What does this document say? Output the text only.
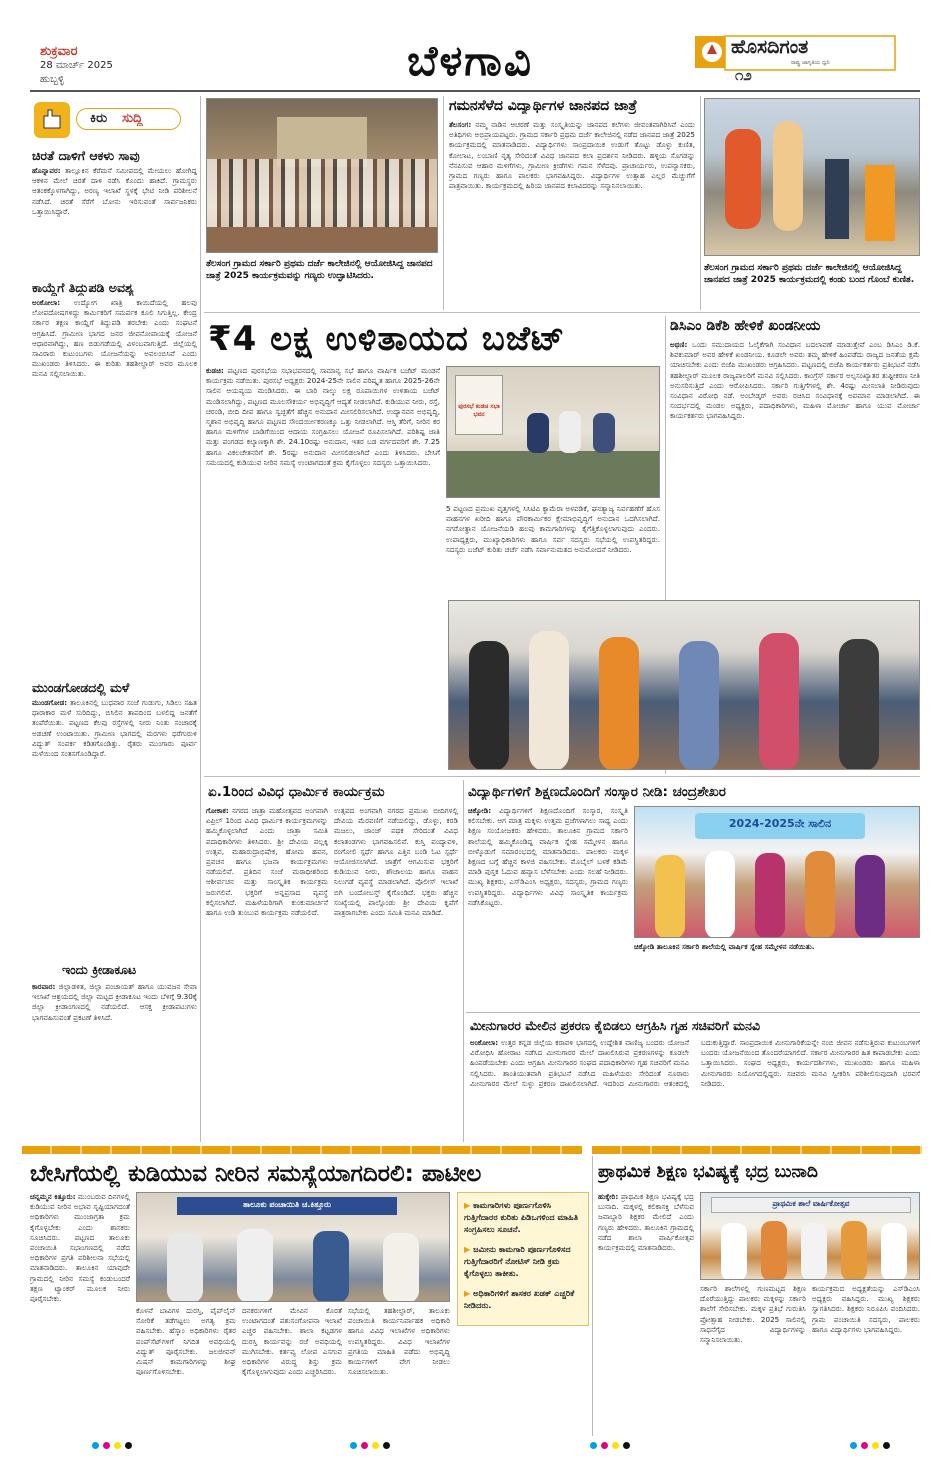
ಶುಕ್ರವಾರ
28 ಮಾರ್ಚ್ 2025
ಹುಬ್ಬಳ್ಳಿ	ಬೆಳಗಾವಿ	ಹೊಸದಿಗಂತ
ರಾಷ್ಟ್ರ ಜಾಗೃತಿಯ ಧ್ವನಿ
೧೨
ಕಿರು ಸುದ್ದಿ
ಚಿರತೆ ದಾಳಿಗೆ ಆಕಳು ಸಾವು
ಹೊನ್ನಾವರ: ತಾಲ್ಲೂಕಿನ ಕೆರೆಮನೆ ಸಮೀಪದಲ್ಲಿ ಮೇಯಲು ಹೋಗಿದ್ದ ಆಕಳಿನ ಮೇಲೆ ಚಿರತೆ ದಾಳಿ ನಡೆಸಿ ಕೊಂದು ಹಾಕಿದೆ. ಗ್ರಾಮಸ್ಥರು ಆತಂಕಕ್ಕೊಳಗಾಗಿದ್ದು, ಅರಣ್ಯ ಇಲಾಖೆ ಸ್ಥಳಕ್ಕೆ ಭೇಟಿ ನೀಡಿ ಪರಿಶೀಲನೆ ನಡೆಸಿದೆ. ಚಿರತೆ ಸೆರೆಗೆ ಬೋನು ಇರಿಸುವಂತೆ ಸಾರ್ವಜನಿಕರು ಒತ್ತಾಯಿಸಿದ್ದಾರೆ.
ಕಾಯ್ದೆಗೆ ತಿದ್ದುಪಡಿ ಅವಶ್ಯ
ಅಂಕೋಲಾ: ಉದ್ಯೋಗ ಖಾತ್ರಿ ಕಾಯಿದೆಯಲ್ಲಿ ಹಲವು ಲೋಪದೋಷಗಳಿದ್ದು ಕಾರ್ಮಿಕರಿಗೆ ಸಮರ್ಪಕ ಕೂಲಿ ಸಿಗುತ್ತಿಲ್ಲ. ಕೇಂದ್ರ ಸರ್ಕಾರ ತಕ್ಷಣ ಕಾಯ್ದೆಗೆ ತಿದ್ದುಪಡಿ ತರಬೇಕು ಎಂದು ಸಂಘಟನೆ ಆಗ್ರಹಿಸಿದೆ. ಗ್ರಾಮೀಣ ಭಾಗದ ಜನರ ಜೀವನೋಪಾಯಕ್ಕೆ ಯೋಜನೆ ಆಧಾರವಾಗಿದ್ದು, ಹಣ ಬಿಡುಗಡೆಯಲ್ಲಿ ವಿಳಂಬವಾಗುತ್ತಿದೆ. ಜಿಲ್ಲೆಯಲ್ಲಿ ಸಾವಿರಾರು ಕುಟುಂಬಗಳು ಯೋಜನೆಯನ್ನು ಅವಲಂಬಿಸಿವೆ ಎಂದು ಮುಖಂಡರು ತಿಳಿಸಿದರು. ಈ ಕುರಿತು ತಹಶೀಲ್ದಾರ್ ಅವರ ಮೂಲಕ ಮನವಿ ಸಲ್ಲಿಸಲಾಯಿತು.
ಮುಂಡಗೋಡದಲ್ಲಿ ಮಳೆ
ಮುಂಡಗೋಡ: ತಾಲೂಕಿನಲ್ಲಿ ಬುಧವಾರ ಸಂಜೆ ಗುಡುಗು, ಸಿಡಿಲು ಸಹಿತ ಧಾರಾಕಾರ ಮಳೆ ಸುರಿದಿದ್ದು, ಬಿಸಿಲಿನ ತಾಪದಿಂದ ಬಳಲಿದ್ದ ಜನತೆಗೆ ತಂಪೆರೆಯಿತು. ಪಟ್ಟಣದ ಕೆಲವು ರಸ್ತೆಗಳಲ್ಲಿ ನೀರು ನಿಂತು ಸಂಚಾರಕ್ಕೆ ಅಡಚಣೆ ಉಂಟಾಯಿತು. ಗ್ರಾಮೀಣ ಭಾಗದಲ್ಲಿ ಮರಗಳು ಧರೆಗುರುಳಿ ವಿದ್ಯುತ್ ಸಂಪರ್ಕ ಕಡಿತಗೊಂಡಿತ್ತು. ರೈತರು ಮುಂಗಾರು ಪೂರ್ವ ಮಳೆಯಿಂದ ಸಂತಸಗೊಂಡಿದ್ದಾರೆ.
ಇಂದು ಕ್ರೀಡಾಕೂಟ
ಕಾರವಾರ: ಜಿಲ್ಲಾಡಳಿತ, ಜಿಲ್ಲಾ ಪಂಚಾಯತ್ ಹಾಗೂ ಯುವಜನ ಸೇವಾ ಇಲಾಖೆ ಆಶ್ರಯದಲ್ಲಿ ಜಿಲ್ಲಾ ಮಟ್ಟದ ಕ್ರೀಡಾಕೂಟ ಇಂದು ಬೆಳಿಗ್ಗೆ 9.30ಕ್ಕೆ ಜಿಲ್ಲಾ ಕ್ರೀಡಾಂಗಣದಲ್ಲಿ ನಡೆಯಲಿದೆ. ಆಸಕ್ತ ಕ್ರೀಡಾಪಟುಗಳು ಭಾಗವಹಿಸುವಂತೆ ಪ್ರಕಟಣೆ ತಿಳಿಸಿದೆ.
ತೆಲಸಂಗ ಗ್ರಾಮದ ಸರ್ಕಾರಿ ಪ್ರಥಮ ದರ್ಜೆ ಕಾಲೇಜಿನಲ್ಲಿ ಆಯೋಜಿಸಿದ್ದ ಜಾನಪದ ಜಾತ್ರೆ 2025 ಕಾರ್ಯಕ್ರಮವನ್ನು ಗಣ್ಯರು ಉದ್ಘಾಟಿಸಿದರು.
ಗಮನಸೆಳೆದ ವಿದ್ಯಾರ್ಥಿಗಳ ಜಾನಪದ ಜಾತ್ರೆ
ತೆಲಸಂಗ: ನಮ್ಮ ನಾಡಿನ ಆಚರಣೆ ಮತ್ತು ಸಂಸ್ಕೃತಿಯನ್ನು ಜಾನಪದ ಕಲೆಗಳು ಜೀವಂತವಾಗಿರಿಸಿವೆ ಎಂದು ಅತಿಥಿಗಳು ಅಭಿಪ್ರಾಯಪಟ್ಟರು. ಗ್ರಾಮದ ಸರ್ಕಾರಿ ಪ್ರಥಮ ದರ್ಜೆ ಕಾಲೇಜಿನಲ್ಲಿ ನಡೆದ ಜಾನಪದ ಜಾತ್ರೆ 2025 ಕಾರ್ಯಕ್ರಮದಲ್ಲಿ ಮಾತನಾಡಿದರು. ವಿದ್ಯಾರ್ಥಿಗಳು ಸಾಂಪ್ರದಾಯಿಕ ಉಡುಗೆ ತೊಟ್ಟು ಡೊಳ್ಳು ಕುಣಿತ, ಕೋಲಾಟ, ಲಂಬಾಣಿ ನೃತ್ಯ ಸೇರಿದಂತೆ ವಿವಿಧ ಜಾನಪದ ಕಲಾ ಪ್ರದರ್ಶನ ನೀಡಿದರು. ಹಳ್ಳಿಯ ಸೊಗಡನ್ನು ನೆನಪಿಸುವ ಆಹಾರ ಮಳಿಗೆಗಳು, ಗ್ರಾಮೀಣ ಕ್ರೀಡೆಗಳು ಗಮನ ಸೆಳೆದವು. ಪ್ರಾಚಾರ್ಯರು, ಉಪನ್ಯಾಸಕರು, ಗ್ರಾಮದ ಗಣ್ಯರು ಹಾಗೂ ಪಾಲಕರು ಭಾಗವಹಿಸಿದ್ದರು. ವಿದ್ಯಾರ್ಥಿಗಳ ಉತ್ಸಾಹ ಎಲ್ಲರ ಮೆಚ್ಚುಗೆಗೆ ಪಾತ್ರವಾಯಿತು. ಕಾರ್ಯಕ್ರಮದಲ್ಲಿ ಹಿರಿಯ ಜಾನಪದ ಕಲಾವಿದರನ್ನು ಸನ್ಮಾನಿಸಲಾಯಿತು.
ತೆಲಸಂಗ ಗ್ರಾಮದ ಸರ್ಕಾರಿ ಪ್ರಥಮ ದರ್ಜೆ ಕಾಲೇಜಿನಲ್ಲಿ ಆಯೋಜಿಸಿದ್ದ ಜಾನಪದ ಜಾತ್ರೆ 2025 ಕಾರ್ಯಕ್ರಮದಲ್ಲಿ ಕಂಡು ಬಂದ ಗೊಂಬೆ ಕುಣಿತ.
₹4 ಲಕ್ಷ ಉಳಿತಾಯದ ಬಜೆಟ್
ಕುಡಚಿ: ಪಟ್ಟಣದ ಪುರಸಭೆಯ ಸಭಾಭವನದಲ್ಲಿ ಸಾಮಾನ್ಯ ಸಭೆ ಹಾಗೂ ವಾರ್ಷಿಕ ಬಜೆಟ್ ಮಂಡನೆ ಕಾರ್ಯಕ್ರಮ ನಡೆಯಿತು. ಪುರಸಭೆ ಅಧ್ಯಕ್ಷರು 2024-25ನೇ ಸಾಲಿನ ಪರಿಷ್ಕೃತ ಹಾಗೂ 2025-26ನೇ ಸಾಲಿನ ಆಯವ್ಯಯ ಮಂಡಿಸಿದರು. ಈ ಬಾರಿ ನಾಲ್ಕು ಲಕ್ಷ ರೂಪಾಯಿಗಳ ಉಳಿತಾಯ ಬಜೆಟ್ ಮಂಡಿಸಲಾಗಿದ್ದು, ಪಟ್ಟಣದ ಮೂಲಸೌಕರ್ಯ ಅಭಿವೃದ್ಧಿಗೆ ಆದ್ಯತೆ ನೀಡಲಾಗಿದೆ. ಕುಡಿಯುವ ನೀರು, ರಸ್ತೆ, ಚರಂಡಿ, ಬೀದಿ ದೀಪ ಹಾಗೂ ಸ್ವಚ್ಛತೆಗೆ ಹೆಚ್ಚಿನ ಅನುದಾನ ಮೀಸಲಿರಿಸಲಾಗಿದೆ. ಉದ್ಯಾನವನ ಅಭಿವೃದ್ಧಿ, ಸ್ಮಶಾನ ಅಭಿವೃದ್ಧಿ ಹಾಗೂ ಪಟ್ಟಣದ ಸೌಂದರ್ಯೀಕರಣಕ್ಕೂ ಒತ್ತು ನೀಡಲಾಗಿದೆ. ಆಸ್ತಿ ತೆರಿಗೆ, ನೀರಿನ ಕರ ಹಾಗೂ ಮಳಿಗೆಗಳ ಬಾಡಿಗೆಯಿಂದ ಆದಾಯ ಸಂಗ್ರಹಿಸಲು ಯೋಜನೆ ರೂಪಿಸಲಾಗಿದೆ. ಪರಿಶಿಷ್ಟ ಜಾತಿ ಮತ್ತು ಪಂಗಡದ ಕಲ್ಯಾಣಕ್ಕಾಗಿ ಶೇ. 24.10ರಷ್ಟು ಅನುದಾನ, ಇತರ ಬಡ ವರ್ಗದವರಿಗೆ ಶೇ. 7.25 ಹಾಗೂ ವಿಕಲಚೇತನರಿಗೆ ಶೇ. 5ರಷ್ಟು ಅನುದಾನ ಮೀಸಲಿಡಲಾಗಿದೆ ಎಂದು ತಿಳಿಸಿದರು. ಬೇಸಿಗೆ ಸಮಯದಲ್ಲಿ ಕುಡಿಯುವ ನೀರಿನ ಸಮಸ್ಯೆ ಉಂಟಾಗದಂತೆ ಕ್ರಮ ಕೈಗೊಳ್ಳಲು ಸದಸ್ಯರು ಒತ್ತಾಯಿಸಿದರು.
ಪುರಸಭೆ ಕುಡಚಿ ಸಭಾ ಭವನ
5 ಪಟ್ಟಣದ ಪ್ರಮುಖ ವೃತ್ತಗಳಲ್ಲಿ ಸಿಸಿಟಿವಿ ಕ್ಯಾಮೆರಾ ಅಳವಡಿಕೆ, ಘನತ್ಯಾಜ್ಯ ನಿರ್ವಹಣೆಗೆ ಹೊಸ ವಾಹನಗಳ ಖರೀದಿ ಹಾಗೂ ಪೌರಕಾರ್ಮಿಕರ ಕ್ಷೇಮಾಭಿವೃದ್ಧಿಗೆ ಅನುದಾನ ಒದಗಿಸಲಾಗಿದೆ. ನಗರೋತ್ಥಾನ ಯೋಜನೆಯಡಿ ಹಲವು ಕಾಮಗಾರಿಗಳನ್ನು ಕೈಗೆತ್ತಿಕೊಳ್ಳಲಾಗುವುದು ಎಂದರು. ಉಪಾಧ್ಯಕ್ಷರು, ಮುಖ್ಯಾಧಿಕಾರಿಗಳು ಹಾಗೂ ಸರ್ವ ಸದಸ್ಯರು ಸಭೆಯಲ್ಲಿ ಉಪಸ್ಥಿತರಿದ್ದರು. ಸದಸ್ಯರು ಬಜೆಟ್ ಕುರಿತು ಚರ್ಚೆ ನಡೆಸಿ ಸರ್ವಾನುಮತದ ಅನುಮೋದನೆ ನೀಡಿದರು.
ಡಿಸಿಎಂ ಡಿಕೆಶಿ ಹೇಳಿಕೆ ಖಂಡನೀಯ
ಅಥಣಿ: ಒಂದು ಸಮುದಾಯದ ಓಲೈಕೆಗಾಗಿ ಸಂವಿಧಾನ ಬದಲಾವಣೆ ಮಾಡುತ್ತೇವೆ ಎಂಬ ಡಿಸಿಎಂ ಡಿ.ಕೆ. ಶಿವಕುಮಾರ್ ಅವರ ಹೇಳಿಕೆ ಖಂಡನೀಯ. ಕೂಡಲೇ ಅವರು ತಮ್ಮ ಹೇಳಿಕೆ ಹಿಂಪಡೆದು ರಾಜ್ಯದ ಜನತೆಯ ಕ್ಷಮೆ ಯಾಚಿಸಬೇಕು ಎಂದು ಬಿಜೆಪಿ ಮುಖಂಡರು ಆಗ್ರಹಿಸಿದರು. ಪಟ್ಟಣದಲ್ಲಿ ಬಿಜೆಪಿ ಕಾರ್ಯಕರ್ತರು ಪ್ರತಿಭಟನೆ ನಡೆಸಿ ತಹಶೀಲ್ದಾರ್ ಮೂಲಕ ರಾಜ್ಯಪಾಲರಿಗೆ ಮನವಿ ಸಲ್ಲಿಸಿದರು. ಕಾಂಗ್ರೆಸ್ ಸರ್ಕಾರ ಅಲ್ಪಸಂಖ್ಯಾತರ ತುಷ್ಟೀಕರಣ ನೀತಿ ಅನುಸರಿಸುತ್ತಿದೆ ಎಂದು ಆರೋಪಿಸಿದರು. ಸರ್ಕಾರಿ ಗುತ್ತಿಗೆಗಳಲ್ಲಿ ಶೇ. 4ರಷ್ಟು ಮೀಸಲಾತಿ ನೀಡಿರುವುದು ಸಂವಿಧಾನ ವಿರೋಧಿ ನಡೆ. ಅಂಬೇಡ್ಕರ್ ಅವರು ರಚಿಸಿದ ಸಂವಿಧಾನಕ್ಕೆ ಅಪಮಾನ ಮಾಡಲಾಗಿದೆ. ಈ ಸಂದರ್ಭದಲ್ಲಿ ಮಂಡಲ ಅಧ್ಯಕ್ಷರು, ಪದಾಧಿಕಾರಿಗಳು, ಮಹಿಳಾ ಮೋರ್ಚಾ ಹಾಗೂ ಯುವ ಮೋರ್ಚಾ ಕಾರ್ಯಕರ್ತರು ಭಾಗವಹಿಸಿದ್ದರು.
ಏ.1ರಿಂದ ವಿವಿಧ ಧಾರ್ಮಿಕ ಕಾರ್ಯಕ್ರಮ
ಗೋಕಾಕ: ನಗರದ ಜಾತ್ರಾ ಮಹೋತ್ಸವದ ಅಂಗವಾಗಿ ಏಪ್ರಿಲ್ 1ರಿಂದ ವಿವಿಧ ಧಾರ್ಮಿಕ ಕಾರ್ಯಕ್ರಮಗಳನ್ನು ಹಮ್ಮಿಕೊಳ್ಳಲಾಗಿದೆ ಎಂದು ಜಾತ್ರಾ ಸಮಿತಿ ಪದಾಧಿಕಾರಿಗಳು ತಿಳಿಸಿದರು. ಶ್ರೀ ದೇವಿಯ ಪಲ್ಲಕ್ಕಿ ಉತ್ಸವ, ಮಹಾರುದ್ರಾಭಿಷೇಕ, ಹೋಮ ಹವನ, ಪ್ರವಚನ ಹಾಗೂ ಭಜನಾ ಕಾರ್ಯಕ್ರಮಗಳು ನಡೆಯಲಿವೆ. ಪ್ರತಿದಿನ ಸಂಜೆ ಮಠಾಧೀಶರಿಂದ ಆಶೀರ್ವಚನ ಮತ್ತು ಸಾಂಸ್ಕೃತಿಕ ಕಾರ್ಯಕ್ರಮ ಜರುಗಲಿವೆ. ಭಕ್ತರಿಗೆ ಅನ್ನಪ್ರಸಾದ ವ್ಯವಸ್ಥೆ ಕಲ್ಪಿಸಲಾಗಿದೆ. ಮಹಿಳೆಯರಿಗಾಗಿ ಕುಂಕುಮಾರ್ಚನೆ ಹಾಗೂ ಉಡಿ ತುಂಬುವ ಕಾರ್ಯಕ್ರಮ ನಡೆಯಲಿದೆ.
ಉತ್ಸವದ ಅಂಗವಾಗಿ ನಗರದ ಪ್ರಮುಖ ಬೀದಿಗಳಲ್ಲಿ ದೇವಿಯ ಮೆರವಣಿಗೆ ನಡೆಯಲಿದ್ದು, ಡೊಳ್ಳು, ಕರಡಿ ಮಜಲು, ಜಾಂಜ್ ಪಥಕ ಸೇರಿದಂತೆ ವಿವಿಧ ಕಲಾತಂಡಗಳು ಭಾಗವಹಿಸಲಿವೆ. ಕುಸ್ತಿ ಪಂದ್ಯಾವಳಿ, ರಂಗೋಲಿ ಸ್ಪರ್ಧೆ ಹಾಗೂ ಎತ್ತಿನ ಬಂಡಿ ಓಟ ಸ್ಪರ್ಧೆ ಆಯೋಜಿಸಲಾಗಿದೆ. ಜಾತ್ರೆಗೆ ಆಗಮಿಸುವ ಭಕ್ತರಿಗೆ ಕುಡಿಯುವ ನೀರು, ಶೌಚಾಲಯ ಹಾಗೂ ವಾಹನ ನಿಲುಗಡೆ ವ್ಯವಸ್ಥೆ ಮಾಡಲಾಗಿದೆ. ಪೊಲೀಸ್ ಇಲಾಖೆ ಬಿಗಿ ಬಂದೋಬಸ್ತ್ ಕೈಗೊಂಡಿದೆ. ಭಕ್ತರು ಹೆಚ್ಚಿನ ಸಂಖ್ಯೆಯಲ್ಲಿ ಪಾಲ್ಗೊಂಡು ಶ್ರೀ ದೇವಿಯ ಕೃಪೆಗೆ ಪಾತ್ರರಾಗಬೇಕು ಎಂದು ಸಮಿತಿ ಮನವಿ ಮಾಡಿದೆ.
ವಿದ್ಯಾರ್ಥಿಗಳಿಗೆ ಶಿಕ್ಷಣದೊಂದಿಗೆ ಸಂಸ್ಕಾರ ನೀಡಿ: ಚಂದ್ರಶೇಖರ
ಚಿಕ್ಕೋಡಿ: ವಿದ್ಯಾರ್ಥಿಗಳಿಗೆ ಶಿಕ್ಷಣದೊಂದಿಗೆ ಸಂಸ್ಕಾರ, ಸಂಸ್ಕೃತಿ ಕಲಿಸಬೇಕು. ಆಗ ಮಾತ್ರ ಮಕ್ಕಳು ಉತ್ತಮ ಪ್ರಜೆಗಳಾಗಲು ಸಾಧ್ಯ ಎಂದು ಶಿಕ್ಷಣ ಸಂಯೋಜಕರು ಹೇಳಿದರು. ತಾಲೂಕಿನ ಗ್ರಾಮದ ಸರ್ಕಾರಿ ಶಾಲೆಯಲ್ಲಿ ಹಮ್ಮಿಕೊಂಡಿದ್ದ ವಾರ್ಷಿಕ ಸ್ನೇಹ ಸಮ್ಮೇಳನ ಹಾಗೂ ಬೀಳ್ಕೊಡುಗೆ ಸಮಾರಂಭದಲ್ಲಿ ಮಾತನಾಡಿದರು. ಪಾಲಕರು ಮಕ್ಕಳ ಶಿಕ್ಷಣದ ಬಗ್ಗೆ ಹೆಚ್ಚಿನ ಕಾಳಜಿ ವಹಿಸಬೇಕು. ಮೊಬೈಲ್ ಬಳಕೆ ಕಡಿಮೆ ಮಾಡಿ ಪುಸ್ತಕ ಓದುವ ಹವ್ಯಾಸ ಬೆಳೆಸಬೇಕು ಎಂದು ಸಲಹೆ ನೀಡಿದರು. ಮುಖ್ಯ ಶಿಕ್ಷಕರು, ಎಸ್‌ಡಿಎಂಸಿ ಅಧ್ಯಕ್ಷರು, ಸದಸ್ಯರು, ಗ್ರಾಮದ ಗಣ್ಯರು ಉಪಸ್ಥಿತರಿದ್ದರು. ವಿದ್ಯಾರ್ಥಿಗಳು ವಿವಿಧ ಸಾಂಸ್ಕೃತಿಕ ಕಾರ್ಯಕ್ರಮ ನಡೆಸಿಕೊಟ್ಟರು.
2024-2025ನೇ ಸಾಲಿನ
ಚಿಕ್ಕೋಡಿ ತಾಲೂಕಿನ ಸರ್ಕಾರಿ ಶಾಲೆಯಲ್ಲಿ ವಾರ್ಷಿಕ ಸ್ನೇಹ ಸಮ್ಮೇಳನ ನಡೆಯಿತು.
ಮೀನುಗಾರರ ಮೇಲಿನ ಪ್ರಕರಣ ಕೈಬಿಡಲು ಆಗ್ರಹಿಸಿ ಗೃಹ ಸಚಿವರಿಗೆ ಮನವಿ
ಅಂಕೋಲಾ: ಉತ್ತರ ಕನ್ನಡ ಜಿಲ್ಲೆಯ ಕರಾವಳಿ ಭಾಗದಲ್ಲಿ ಉದ್ದೇಶಿತ ವಾಣಿಜ್ಯ ಬಂದರು ಯೋಜನೆ ವಿರೋಧಿಸಿ ಹೋರಾಟ ನಡೆಸಿದ ಮೀನುಗಾರರ ಮೇಲೆ ದಾಖಲಿಸಿರುವ ಪ್ರಕರಣಗಳನ್ನು ಕೂಡಲೇ ಹಿಂಪಡೆಯಬೇಕು ಎಂದು ಆಗ್ರಹಿಸಿ ಮೀನುಗಾರರ ಸಂಘದ ಪದಾಧಿಕಾರಿಗಳು ಗೃಹ ಸಚಿವರಿಗೆ ಮನವಿ ಸಲ್ಲಿಸಿದರು. ಶಾಂತಿಯುತವಾಗಿ ಪ್ರತಿಭಟನೆ ನಡೆಸಿದ ಮಹಿಳೆಯರು ಸೇರಿದಂತೆ ನೂರಾರು ಮೀನುಗಾರರ ಮೇಲೆ ಸುಳ್ಳು ಪ್ರಕರಣ ದಾಖಲಿಸಲಾಗಿದೆ. ಇದರಿಂದ ಮೀನುಗಾರರು ಆತಂಕದಲ್ಲಿ ಬದುಕುತ್ತಿದ್ದಾರೆ. ಸಾಂಪ್ರದಾಯಿಕ ಮೀನುಗಾರಿಕೆಯನ್ನೇ ನಂಬಿ ಜೀವನ ನಡೆಸುತ್ತಿರುವ ಕುಟುಂಬಗಳಿಗೆ ಬಂದರು ಯೋಜನೆಯಿಂದ ತೊಂದರೆಯಾಗಲಿದೆ. ಸರ್ಕಾರ ಮೀನುಗಾರರ ಹಿತ ಕಾಪಾಡಬೇಕು ಎಂದು ಒತ್ತಾಯಿಸಿದರು. ಸಂಘದ ಅಧ್ಯಕ್ಷರು, ಕಾರ್ಯದರ್ಶಿಗಳು, ಮುಖಂಡರು ಹಾಗೂ ಮಹಿಳಾ ಮೀನುಗಾರರು ನಿಯೋಗದಲ್ಲಿದ್ದರು. ಸಚಿವರು ಮನವಿ ಸ್ವೀಕರಿಸಿ ಪರಿಶೀಲಿಸುವುದಾಗಿ ಭರವಸೆ ನೀಡಿದರು.
ಬೇಸಿಗೆಯಲ್ಲಿ ಕುಡಿಯುವ ನೀರಿನ ಸಮಸ್ಯೆಯಾಗದಿರಲಿ: ಪಾಟೀಲ
ಚನ್ನಮ್ಮನ ಕಿತ್ತೂರು: ಮುಂಬರುವ ದಿನಗಳಲ್ಲಿ ಕುಡಿಯುವ ನೀರಿನ ಅಭಾವ ಸೃಷ್ಟಿಯಾಗದಂತೆ ಅಧಿಕಾರಿಗಳು ಮುಂಜಾಗ್ರತಾ ಕ್ರಮ ಕೈಗೊಳ್ಳಬೇಕು ಎಂದು ಶಾಸಕರು ಸೂಚಿಸಿದರು. ಪಟ್ಟಣದ ತಾಲೂಕು ಪಂಚಾಯಿತಿ ಸಭಾಂಗಣದಲ್ಲಿ ನಡೆದ ಅಧಿಕಾರಿಗಳ ಪ್ರಗತಿ ಪರಿಶೀಲನಾ ಸಭೆಯಲ್ಲಿ ಮಾತನಾಡಿದರು. ತಾಲೂಕಿನ ಯಾವುದೇ ಗ್ರಾಮದಲ್ಲಿ ನೀರಿನ ಸಮಸ್ಯೆ ಕಂಡುಬಂದರೆ ತಕ್ಷಣ ಟ್ಯಾಂಕರ್ ಮೂಲಕ ನೀರು ಪೂರೈಸಬೇಕು.
ತಾಲೂಕು ಪಂಚಾಯಿತಿ ಚ.ಕಿತ್ತೂರು
ಕೊಳವೆ ಬಾವಿಗಳ ದುರಸ್ತಿ, ಪೈಪ್‌ಲೈನ್ ಸೋರಿಕೆ ತಡೆಗಟ್ಟಲು ಅಗತ್ಯ ಕ್ರಮ ವಹಿಸಬೇಕು. ಹೆಸ್ಕಾಂ ಅಧಿಕಾರಿಗಳು ರೈತರ ಪಂಪ್‌ಸೆಟ್‌ಗಳಿಗೆ ನಿಗದಿತ ಅವಧಿಯಲ್ಲಿ ವಿದ್ಯುತ್ ಪೂರೈಸಬೇಕು. ಜಲಜೀವನ್ ಮಿಷನ್ ಕಾಮಗಾರಿಗಳನ್ನು ಶೀಘ್ರ ಪೂರ್ಣಗೊಳಿಸಬೇಕು.
ದನಕರುಗಳಿಗೆ ಮೇವಿನ ಕೊರತೆ ಉಂಟಾಗದಂತೆ ಪಶುಸಂಗೋಪನಾ ಇಲಾಖೆ ಎಚ್ಚರ ವಹಿಸಬೇಕು. ಶಾಲಾ ಕಟ್ಟಡಗಳ ದುರಸ್ತಿ ಕಾರ್ಯವನ್ನು ರಜೆ ಅವಧಿಯಲ್ಲಿ ಮುಗಿಸಬೇಕು. ಕರ್ತವ್ಯ ಲೋಪ ಎಸಗುವ ಅಧಿಕಾರಿಗಳ ವಿರುದ್ಧ ಶಿಸ್ತು ಕ್ರಮ ಕೈಗೊಳ್ಳಲಾಗುವುದು ಎಂದು ಎಚ್ಚರಿಸಿದರು.
ಸಭೆಯಲ್ಲಿ ತಹಶೀಲ್ದಾರ್, ತಾಲೂಕು ಪಂಚಾಯಿತಿ ಕಾರ್ಯನಿರ್ವಾಹಕ ಅಧಿಕಾರಿ ಹಾಗೂ ವಿವಿಧ ಇಲಾಖೆಗಳ ಅಧಿಕಾರಿಗಳು ಉಪಸ್ಥಿತರಿದ್ದರು. ವಿವಿಧ ಇಲಾಖೆಗಳ ಪ್ರಗತಿಯ ಮಾಹಿತಿ ಪಡೆದು ಅಭಿವೃದ್ಧಿ ಕಾರ್ಯಗಳಿಗೆ ವೇಗ ನೀಡಲು ಸೂಚಿಸಲಾಯಿತು.
▶ ಕಾಮಗಾರಿಗಳು ಪೂರ್ಣಗೊಳಿಸಿ ಗುತ್ತಿಗೆದಾರರ ಕುರಿತು ಪಿಡಿಒಗಳಿಂದ ಮಾಹಿತಿ ಸಂಗ್ರಹಿಸಲು ಸೂಚನೆ.
▶ ಜಮೀನು ಕಾಮಗಾರಿ ಪೂರ್ಣಗೊಳಿಸದ ಗುತ್ತಿಗೆದಾರರಿಗೆ ನೋಟಿಸ್ ನೀಡಿ ಕ್ರಮ ಕೈಗೊಳ್ಳಲು ತಾಕೀತು.
▶ ಅಧಿಕಾರಿಗಳಿಗೆ ಶಾಸಕರ ಖಡಕ್ ಎಚ್ಚರಿಕೆ ನೀಡಿದರು.
ಪ್ರಾಥಮಿಕ ಶಿಕ್ಷಣ ಭವಿಷ್ಯಕ್ಕೆ ಭದ್ರ ಬುನಾದಿ
ಹುಕ್ಕೇರಿ: ಪ್ರಾಥಮಿಕ ಶಿಕ್ಷಣ ಭವಿಷ್ಯಕ್ಕೆ ಭದ್ರ ಬುನಾದಿ. ಮಕ್ಕಳಲ್ಲಿ ಕಲಿಕಾಸಕ್ತಿ ಬೆಳೆಸುವ ಜವಾಬ್ದಾರಿ ಶಿಕ್ಷಕರ ಮೇಲಿದೆ ಎಂದು ಗಣ್ಯರು ಹೇಳಿದರು. ತಾಲೂಕಿನ ಗ್ರಾಮದಲ್ಲಿ ನಡೆದ ಶಾಲಾ ವಾರ್ಷಿಕೋತ್ಸವ ಕಾರ್ಯಕ್ರಮದಲ್ಲಿ ಮಾತನಾಡಿದರು.
ಪ್ರಾಥಮಿಕ ಶಾಲೆ ವಾರ್ಷಿಕೋತ್ಸವ
ಸರ್ಕಾರಿ ಶಾಲೆಗಳಲ್ಲಿ ಗುಣಮಟ್ಟದ ಶಿಕ್ಷಣ ದೊರೆಯುತ್ತಿದ್ದು ಪಾಲಕರು ಮಕ್ಕಳನ್ನು ಸರ್ಕಾರಿ ಶಾಲೆಗೆ ಸೇರಿಸಬೇಕು. ಮಕ್ಕಳ ಪ್ರತಿಭೆ ಗುರುತಿಸಿ ಪ್ರೋತ್ಸಾಹ ನೀಡಬೇಕು. 2025 ಸಾಲಿನಲ್ಲಿ ಸಾಧನೆಗೈದ ವಿದ್ಯಾರ್ಥಿಗಳನ್ನು ಸನ್ಮಾನಿಸಲಾಯಿತು.
ಕಾರ್ಯಕ್ರಮದ ಅಧ್ಯಕ್ಷತೆಯನ್ನು ಎಸ್‌ಡಿಎಂಸಿ ಅಧ್ಯಕ್ಷರು ವಹಿಸಿದ್ದರು. ಮುಖ್ಯ ಶಿಕ್ಷಕರು ಸ್ವಾಗತಿಸಿದರು. ಶಿಕ್ಷಕರು ನಿರೂಪಿಸಿ ವಂದಿಸಿದರು. ಗ್ರಾಮ ಪಂಚಾಯಿತಿ ಸದಸ್ಯರು, ಪಾಲಕರು ಹಾಗೂ ವಿದ್ಯಾರ್ಥಿಗಳು ಭಾಗವಹಿಸಿದ್ದರು.
